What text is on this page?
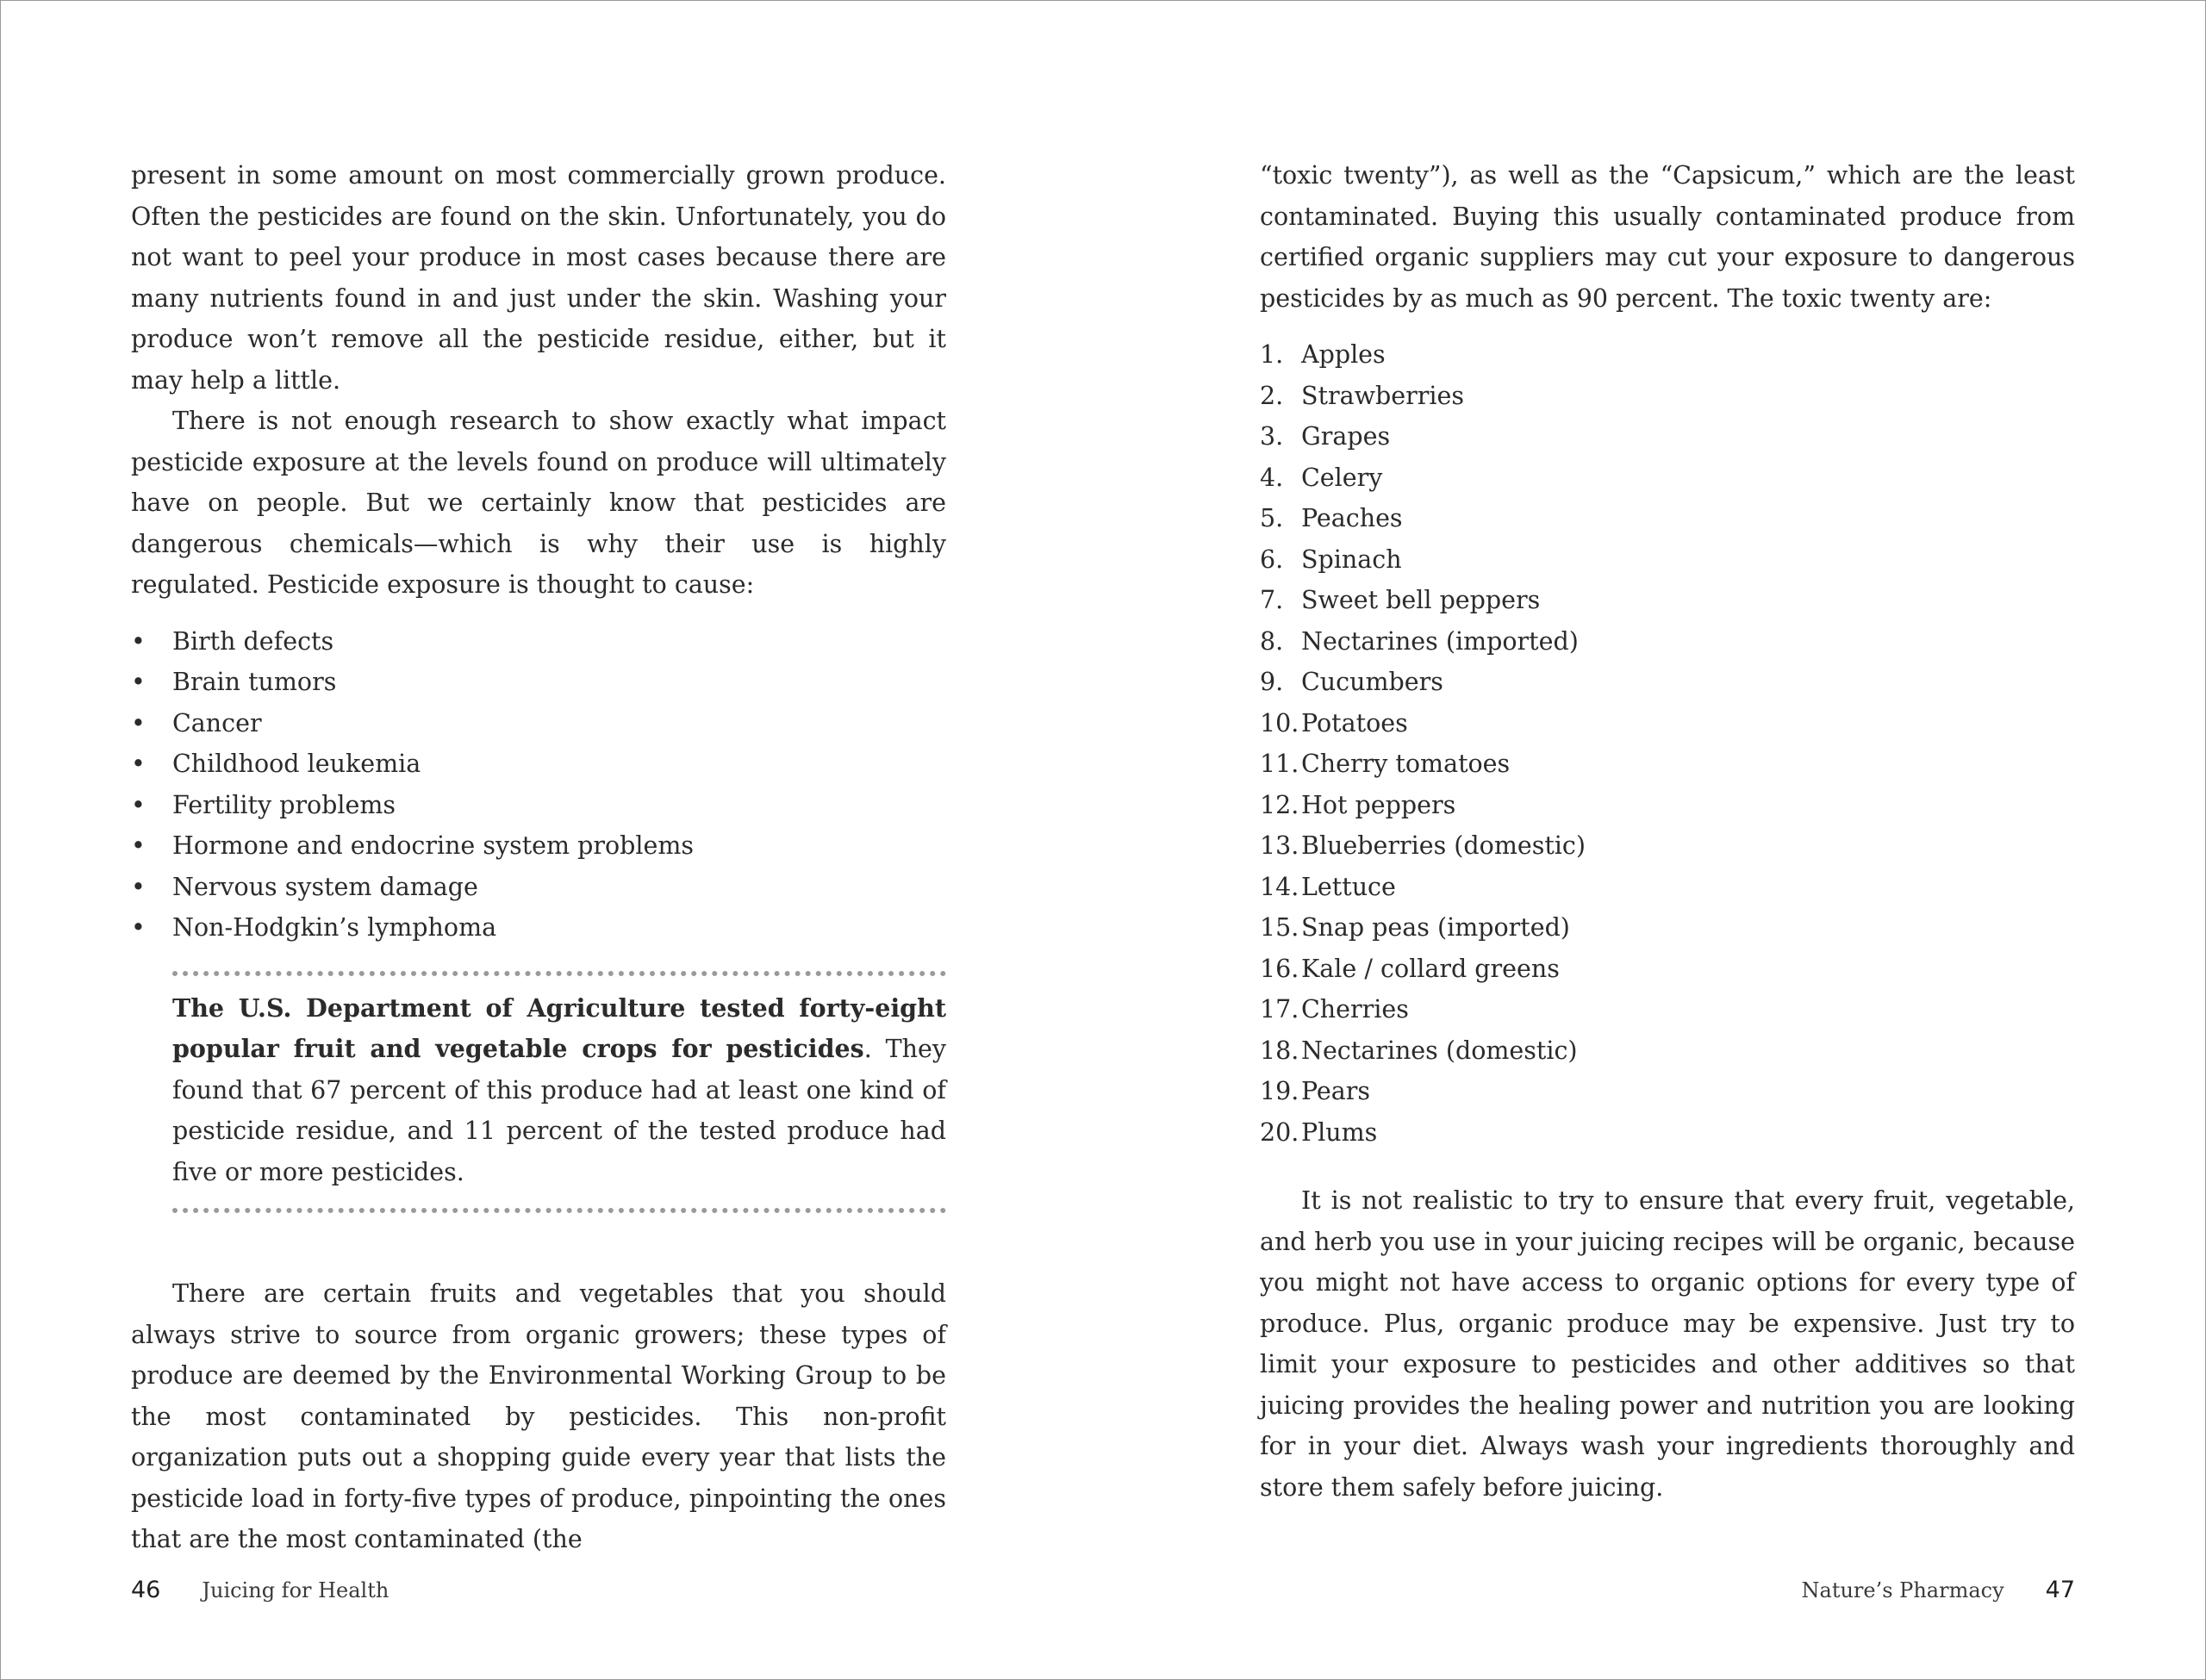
present in some amount on most commercially grown produce. Often the pesticides are found on the skin. Unfortunately, you do not want to peel your produce in most cases because there are many nutrients found in and just under the skin. Washing your produce won’t remove all the pesticide residue, either, but it may help a little.

There is not enough research to show exactly what impact pesticide exposure at the levels found on produce will ultimately have on people. But we certainly know that pesticides are dangerous chemicals—which is why their use is highly regulated. Pesticide exposure is thought to cause:

• Birth defects
• Brain tumors
• Cancer
• Childhood leukemia
• Fertility problems
• Hormone and endocrine system problems
• Nervous system damage
• Non-Hodgkin’s lymphoma

The U.S. Department of Agriculture tested forty-eight popular fruit and vegetable crops for pesticides. They found that 67 percent of this produce had at least one kind of pesticide residue, and 11 percent of the tested produce had five or more pesticides.

There are certain fruits and vegetables that you should always strive to source from organic growers; these types of produce are deemed by the Environmental Working Group to be the most contaminated by pesticides. This non-profit organization puts out a shopping guide every year that lists the pesticide load in forty-five types of produce, pinpointing the ones that are the most contaminated (the

“toxic twenty”), as well as the “Capsicum,” which are the least contaminated. Buying this usually contaminated produce from certified organic suppliers may cut your exposure to dangerous pesticides by as much as 90 percent. The toxic twenty are:

1. Apples
2. Strawberries
3. Grapes
4. Celery
5. Peaches
6. Spinach
7. Sweet bell peppers
8. Nectarines (imported)
9. Cucumbers
10. Potatoes
11. Cherry tomatoes
12. Hot peppers
13. Blueberries (domestic)
14. Lettuce
15. Snap peas (imported)
16. Kale / collard greens
17. Cherries
18. Nectarines (domestic)
19. Pears
20. Plums

It is not realistic to try to ensure that every fruit, vegetable, and herb you use in your juicing recipes will be organic, because you might not have access to organic options for every type of produce. Plus, organic produce may be expensive. Just try to limit your exposure to pesticides and other additives so that juicing provides the healing power and nutrition you are looking for in your diet. Always wash your ingredients thoroughly and store them safely before juicing.

46 Juicing for Health	Nature’s Pharmacy 47
